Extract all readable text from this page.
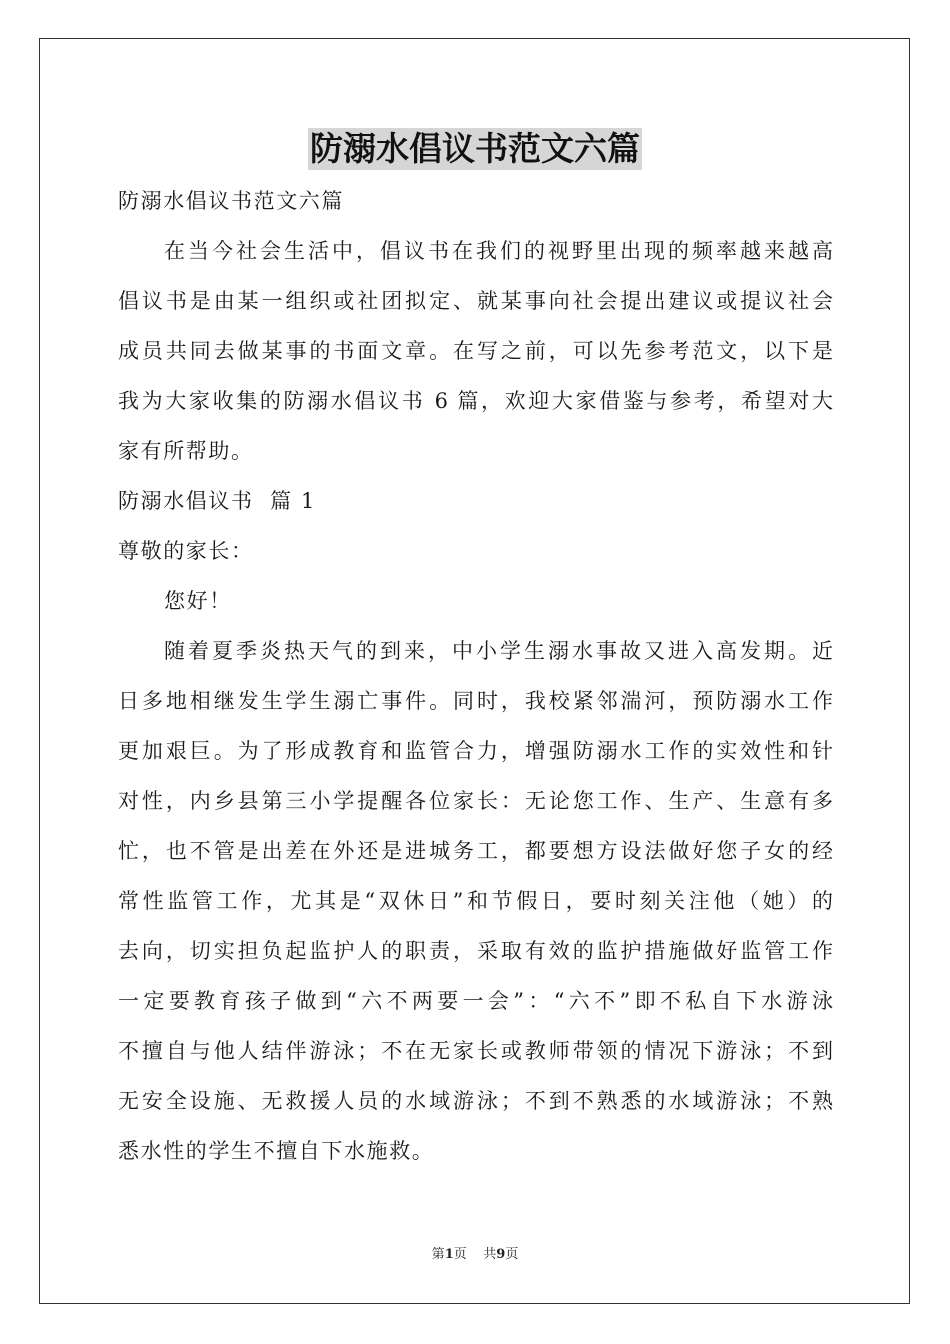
防溺水倡议书范文六篇
防溺水倡议书范文六篇
在当今社会生活中，倡议书在我们的视野里出现的频率越来越高
倡议书是由某一组织或社团拟定、就某事向社会提出建议或提议社会
成员共同去做某事的书面文章。在写之前，可以先参考范文，以下是
我为大家收集的防溺水倡议书 6 篇，欢迎大家借鉴与参考，希望对大
家有所帮助。
防溺水倡议书  篇 1
尊敬的家长：
您好！
随着夏季炎热天气的到来，中小学生溺水事故又进入高发期。近
日多地相继发生学生溺亡事件。同时，我校紧邻湍河，预防溺水工作
更加艰巨。为了形成教育和监管合力，增强防溺水工作的实效性和针
对性，内乡县第三小学提醒各位家长：无论您工作、生产、生意有多
忙，也不管是出差在外还是进城务工，都要想方设法做好您子女的经
常性监管工作，尤其是“双休日”和节假日，要时刻关注他（她）的
去向，切实担负起监护人的职责，采取有效的监护措施做好监管工作
一定要教育孩子做到“六不两要一会”：“六不”即不私自下水游泳
不擅自与他人结伴游泳；不在无家长或教师带领的情况下游泳；不到
无安全设施、无救援人员的水域游泳；不到不熟悉的水域游泳；不熟
悉水性的学生不擅自下水施救。
第1页    共9页
